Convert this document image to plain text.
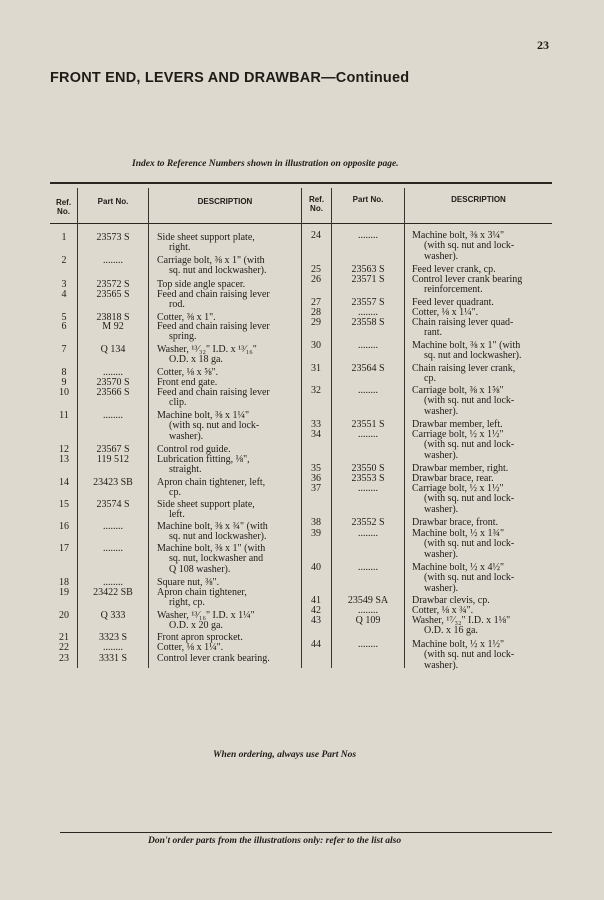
23
FRONT END, LEVERS AND DRAWBAR—Continued
Index to Reference Numbers shown in illustration on opposite page.
Ref.
No.
Part No.	DESCRIPTION	Ref.
No.
Part No.	DESCRIPTION
1	23573 S	Side sheet support plate,
right.
2	........	Carriage bolt, ⅜ x 1" (with
sq. nut and lockwasher).
3	23572 S	Top side angle spacer.
4	23565 S	Feed and chain raising lever
rod.
5	23818 S	Cotter, ⅜ x 1".
6	M 92	Feed and chain raising lever
spring.
7	Q 134	Washer, ¹³⁄₃₂" I.D. x ¹³⁄₁₆"
O.D. x 18 ga.
8	........	Cotter, ⅛ x ⅝".
9	23570 S	Front end gate.
10	23566 S	Feed and chain raising lever
clip.
11	........	Machine bolt, ⅜ x 1¼"
(with sq. nut and lock-
washer).
12	23567 S	Control rod guide.
13	119 512	Lubrication fitting, ⅛",
straight.
14	23423 SB	Apron chain tightener, left,
cp.
15	23574 S	Side sheet support plate,
left.
16	........	Machine bolt, ⅜ x ¾" (with
sq. nut and lockwasher).
17	........	Machine bolt, ⅜ x 1" (with
sq. nut, lockwasher and
Q 108 washer).
18	........	Square nut, ⅜".
19	23422 SB	Apron chain tightener,
right, cp.
20	Q 333	Washer, ¹³⁄₁₆" I.D. x 1¼"
O.D. x 20 ga.
21	3323 S	Front apron sprocket.
22	........	Cotter, ⅛ x 1¼".
23	3331 S	Control lever crank bearing.
24	........	Machine bolt, ⅜ x 3¼"
(with sq. nut and lock-
washer).
25	23563 S	Feed lever crank, cp.
26	23571 S	Control lever crank bearing
reinforcement.
27	23557 S	Feed lever quadrant.
28	........	Cotter, ⅛ x 1¼".
29	23558 S	Chain raising lever quad-
rant.
30	........	Machine bolt, ⅜ x 1" (with
sq. nut and lockwasher).
31	23564 S	Chain raising lever crank,
cp.
32	........	Carriage bolt, ⅜ x 1⅝"
(with sq. nut and lock-
washer).
33	23551 S	Drawbar member, left.
34	........	Carriage bolt, ½ x 1½"
(with sq. nut and lock-
washer).
35	23550 S	Drawbar member, right.
36	23553 S	Drawbar brace, rear.
37	........	Carriage bolt, ½ x 1½"
(with sq. nut and lock-
washer).
38	23552 S	Drawbar brace, front.
39	........	Machine bolt, ½ x 1¾"
(with sq. nut and lock-
washer).
40	........	Machine bolt, ½ x 4½"
(with sq. nut and lock-
washer).
41	23549 SA	Drawbar clevis, cp.
42	........	Cotter, ⅛ x ¾".
43	Q 109	Washer, ¹⁷⁄₃₂" I.D. x 1⅛"
O.D. x 16 ga.
44	........	Machine bolt, ½ x 1½"
(with sq. nut and lock-
washer).
When ordering, always use Part Nos
Don't order parts from the illustrations only: refer to the list also
